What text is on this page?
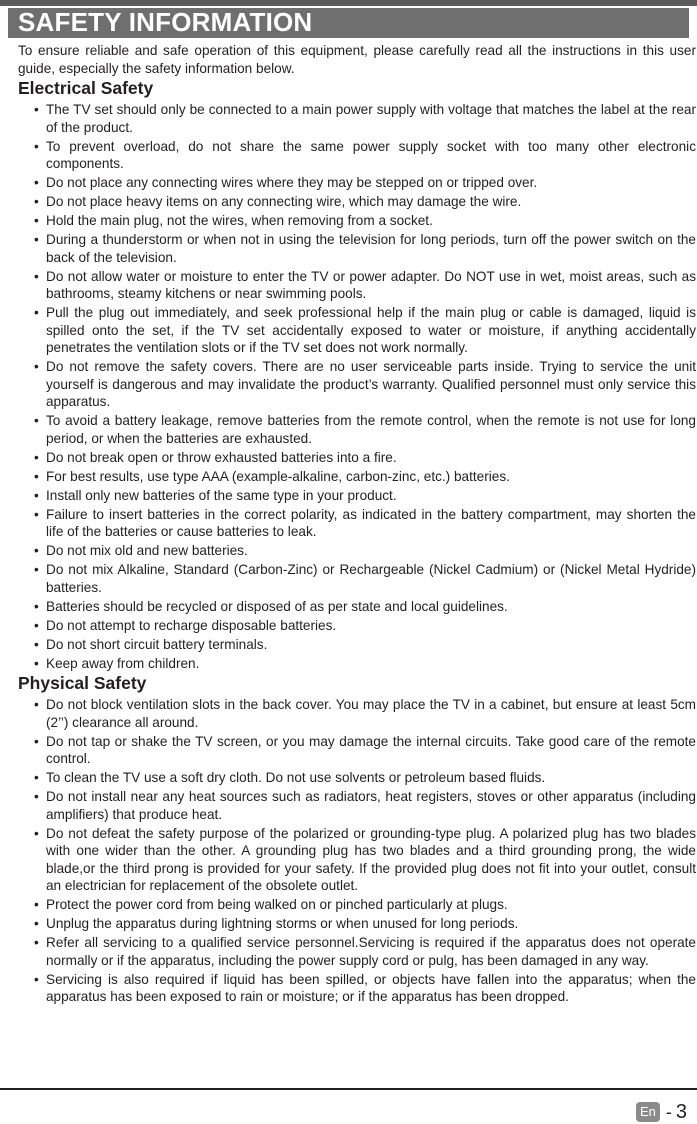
SAFETY INFORMATION

To ensure reliable and safe operation of this equipment, please carefully read all the instructions in this user guide, especially the safety information below.

Electrical Safety
• The TV set should only be connected to a main power supply with voltage that matches the label at the rear of the product.
• To prevent overload, do not share the same power supply socket with too many other electronic components.
• Do not place any connecting wires where they may be stepped on or tripped over.
• Do not place heavy items on any connecting wire, which may damage the wire.
• Hold the main plug, not the wires, when removing from a socket.
• During a thunderstorm or when not in using the television for long periods, turn off the power switch on the back of the television.
• Do not allow water or moisture to enter the TV or power adapter. Do NOT use in wet, moist areas, such as bathrooms, steamy kitchens or near swimming pools.
• Pull the plug out immediately, and seek professional help if the main plug or cable is damaged, liquid is spilled onto the set, if the TV set accidentally exposed to water or moisture, if anything accidentally penetrates the ventilation slots or if the TV set does not work normally.
• Do not remove the safety covers. There are no user serviceable parts inside. Trying to service the unit yourself is dangerous and may invalidate the product’s warranty. Qualified personnel must only service this apparatus.
• To avoid a battery leakage, remove batteries from the remote control, when the remote is not use for long period, or when the batteries are exhausted.
• Do not break open or throw exhausted batteries into a fire.
• For best results, use type AAA (example-alkaline, carbon-zinc, etc.) batteries.
• Install only new batteries of the same type in your product.
• Failure to insert batteries in the correct polarity, as indicated in the battery compartment, may shorten the life of the batteries or cause batteries to leak.
• Do not mix old and new batteries.
• Do not mix Alkaline, Standard (Carbon-Zinc) or Rechargeable (Nickel Cadmium) or (Nickel Metal Hydride) batteries.
• Batteries should be recycled or disposed of as per state and local guidelines.
• Do not attempt to recharge disposable batteries.
• Do not short circuit battery terminals.
• Keep away from children.
Physical Safety
• Do not block ventilation slots in the back cover. You may place the TV in a cabinet, but ensure at least 5cm (2’’) clearance all around.
• Do not tap or shake the TV screen, or you may damage the internal circuits. Take good care of the remote control.
• To clean the TV use a soft dry cloth. Do not use solvents or petroleum based fluids.
• Do not install near any heat sources such as radiators, heat registers, stoves or other apparatus (including amplifiers) that produce heat.
• Do not defeat the safety purpose of the polarized or grounding-type plug. A polarized plug has two blades with one wider than the other. A grounding plug has two blades and a third grounding prong, the wide blade,or the third prong is provided for your safety. If the provided plug does not fit into your outlet, consult an electrician for replacement of the obsolete outlet.
• Protect the power cord from being walked on or pinched particularly at plugs.
• Unplug the apparatus during lightning storms or when unused for long periods.
• Refer all servicing to a qualified service personnel.Servicing is required if the apparatus does not operate normally or if the apparatus, including the power supply cord or pulg, has been damaged in any way.
• Servicing is also required if liquid has been spilled, or objects have fallen into the apparatus; when the apparatus has been exposed to rain or moisture; or if the apparatus has been dropped.
En - 3
